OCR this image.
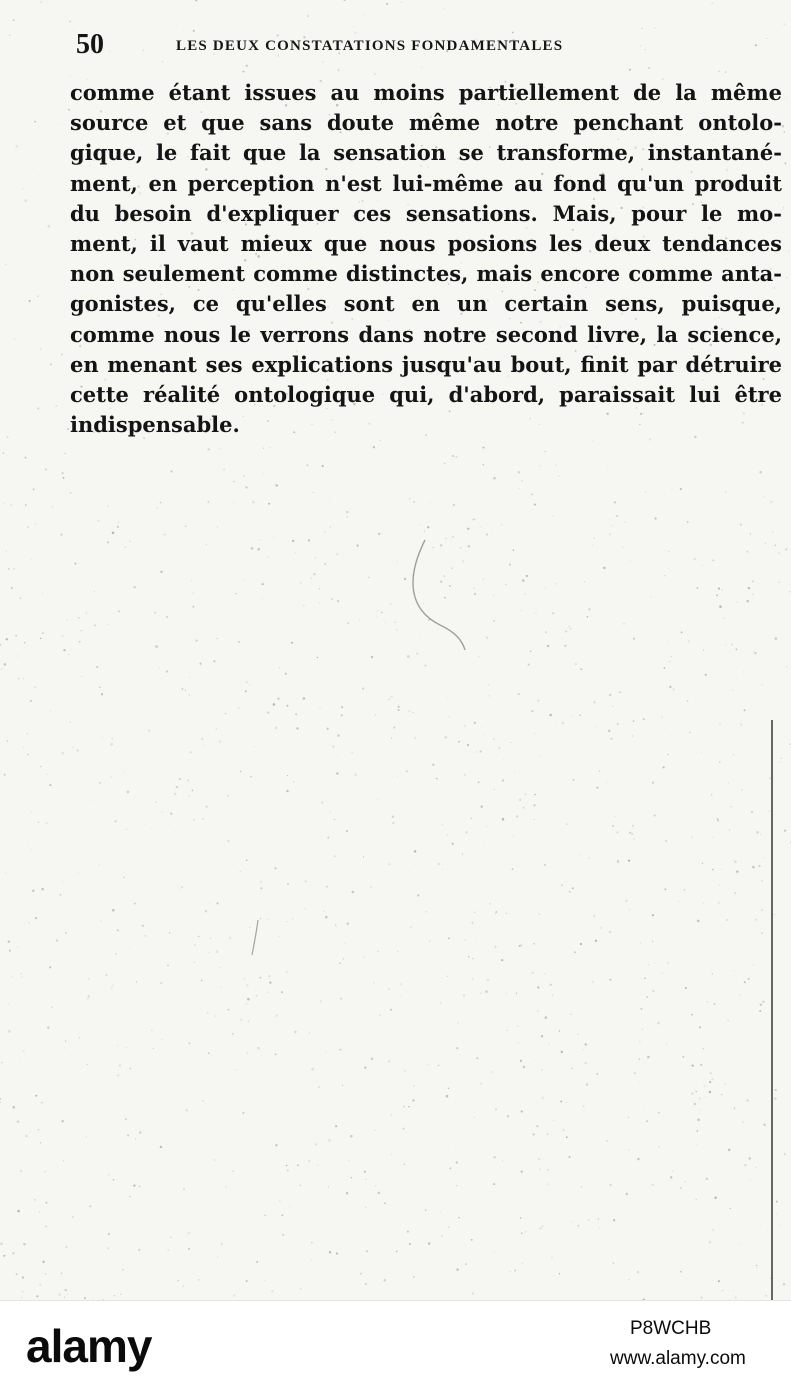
50	LES DEUX CONSTATATIONS FONDAMENTALES
comme étant issues au moins partiellement de la même
source et que sans doute même notre penchant ontolo-
gique, le fait que la sensation se transforme, instantané-
ment, en perception n'est lui-même au fond qu'un produit
du besoin d'expliquer ces sensations. Mais, pour le mo-
ment, il vaut mieux que nous posions les deux tendances
non seulement comme distinctes, mais encore comme anta-
gonistes, ce qu'elles sont en un certain sens, puisque,
comme nous le verrons dans notre second livre, la science,
en menant ses explications jusqu'au bout, finit par détruire
cette réalité ontologique qui, d'abord, paraissait lui être
indispensable.
alamy	P8WCHB
www.alamy.com
